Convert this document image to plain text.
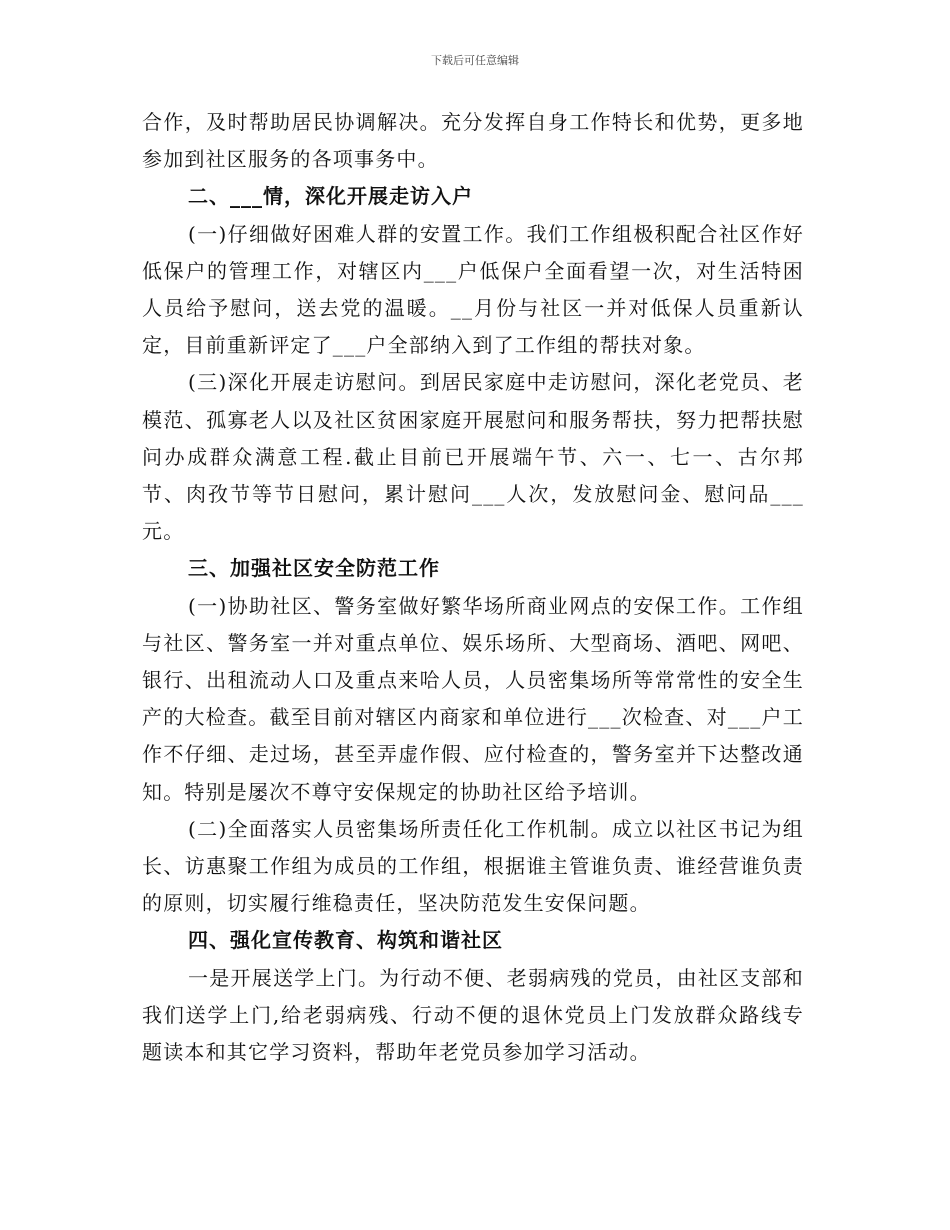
下载后可任意编辑

合作，及时帮助居民协调解决。充分发挥自身工作特长和优势，更多地参加到社区服务的各项事务中。

二、___情，深化开展走访入户

(一)仔细做好困难人群的安置工作。我们工作组极积配合社区作好低保户的管理工作，对辖区内___户低保户全面看望一次，对生活特困人员给予慰问，送去党的温暖。__月份与社区一并对低保人员重新认定，目前重新评定了___户全部纳入到了工作组的帮扶对象。

(三)深化开展走访慰问。到居民家庭中走访慰问，深化老党员、老模范、孤寡老人以及社区贫困家庭开展慰问和服务帮扶，努力把帮扶慰问办成群众满意工程.截止目前已开展端午节、六一、七一、古尔邦节、肉孜节等节日慰问，累计慰问___人次，发放慰问金、慰问品___元。

三、加强社区安全防范工作

(一)协助社区、警务室做好繁华场所商业网点的安保工作。工作组与社区、警务室一并对重点单位、娱乐场所、大型商场、酒吧、网吧、银行、出租流动人口及重点来哈人员，人员密集场所等常常性的安全生产的大检查。截至目前对辖区内商家和单位进行___次检查、对___户工作不仔细、走过场，甚至弄虚作假、应付检查的，警务室并下达整改通知。特别是屡次不尊守安保规定的协助社区给予培训。

(二)全面落实人员密集场所责任化工作机制。成立以社区书记为组长、访惠聚工作组为成员的工作组，根据谁主管谁负责、谁经营谁负责的原则，切实履行维稳责任，坚决防范发生安保问题。

四、强化宣传教育、构筑和谐社区

一是开展送学上门。为行动不便、老弱病残的党员，由社区支部和我们送学上门,给老弱病残、行动不便的退休党员上门发放群众路线专题读本和其它学习资料，帮助年老党员参加学习活动。
